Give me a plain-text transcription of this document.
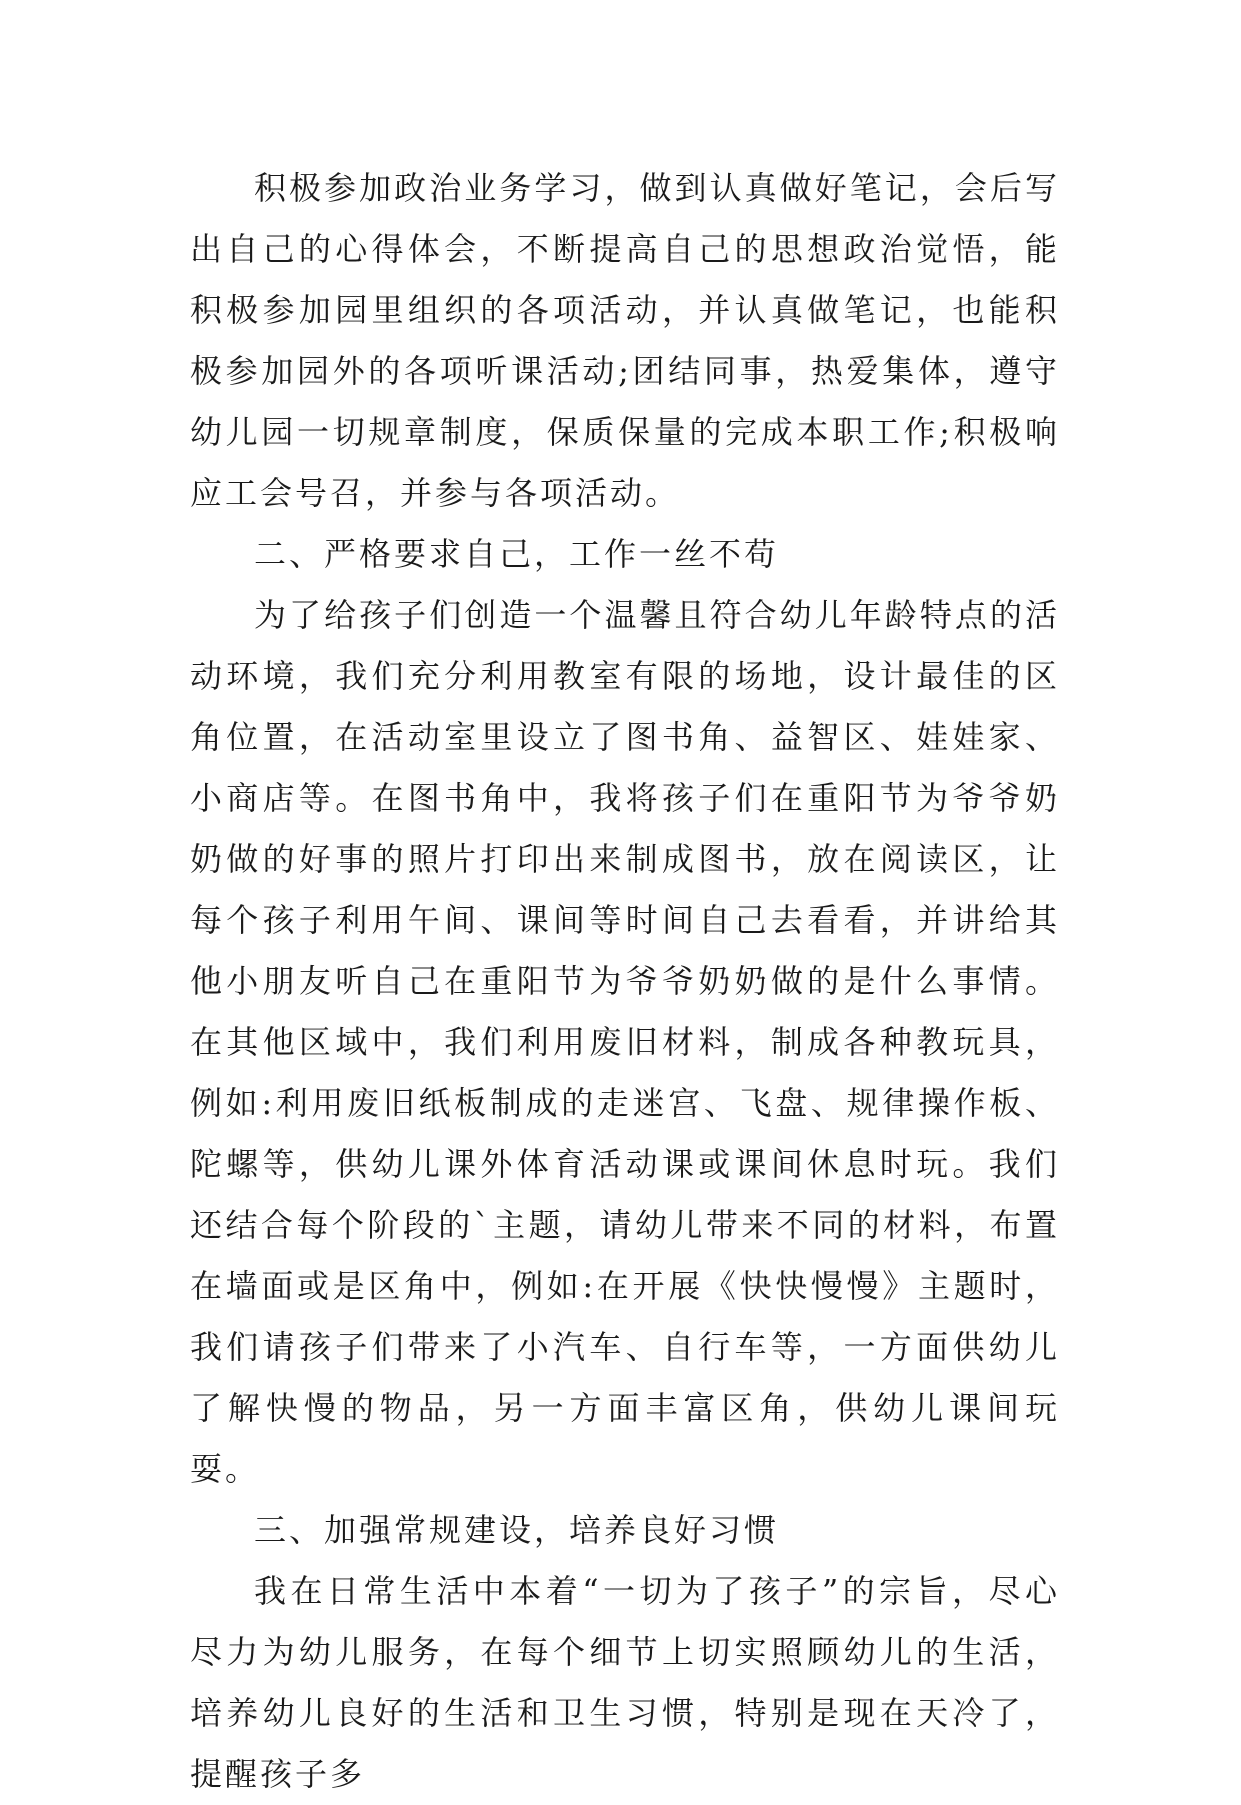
积极参加政治业务学习，做到认真做好笔记，会后写出自己的心得体会，不断提高自己的思想政治觉悟，能积极参加园里组织的各项活动，并认真做笔记，也能积极参加园外的各项听课活动;团结同事，热爱集体，遵守幼儿园一切规章制度，保质保量的完成本职工作;积极响应工会号召，并参与各项活动。

二、严格要求自己，工作一丝不苟

为了给孩子们创造一个温馨且符合幼儿年龄特点的活动环境，我们充分利用教室有限的场地，设计最佳的区角位置，在活动室里设立了图书角、益智区、娃娃家、小商店等。在图书角中，我将孩子们在重阳节为爷爷奶奶做的好事的照片打印出来制成图书，放在阅读区，让每个孩子利用午间、课间等时间自己去看看，并讲给其他小朋友听自己在重阳节为爷爷奶奶做的是什么事情。在其他区域中，我们利用废旧材料，制成各种教玩具，例如:利用废旧纸板制成的走迷宫、飞盘、规律操作板、陀螺等，供幼儿课外体育活动课或课间休息时玩。我们还结合每个阶段的`主题，请幼儿带来不同的材料，布置在墙面或是区角中，例如:在开展《快快慢慢》主题时，我们请孩子们带来了小汽车、自行车等，一方面供幼儿了解快慢的物品，另一方面丰富区角，供幼儿课间玩耍。

三、加强常规建设，培养良好习惯

我在日常生活中本着“一切为了孩子”的宗旨，尽心尽力为幼儿服务，在每个细节上切实照顾幼儿的生活，培养幼儿良好的生活和卫生习惯，特别是现在天冷了，提醒孩子多
